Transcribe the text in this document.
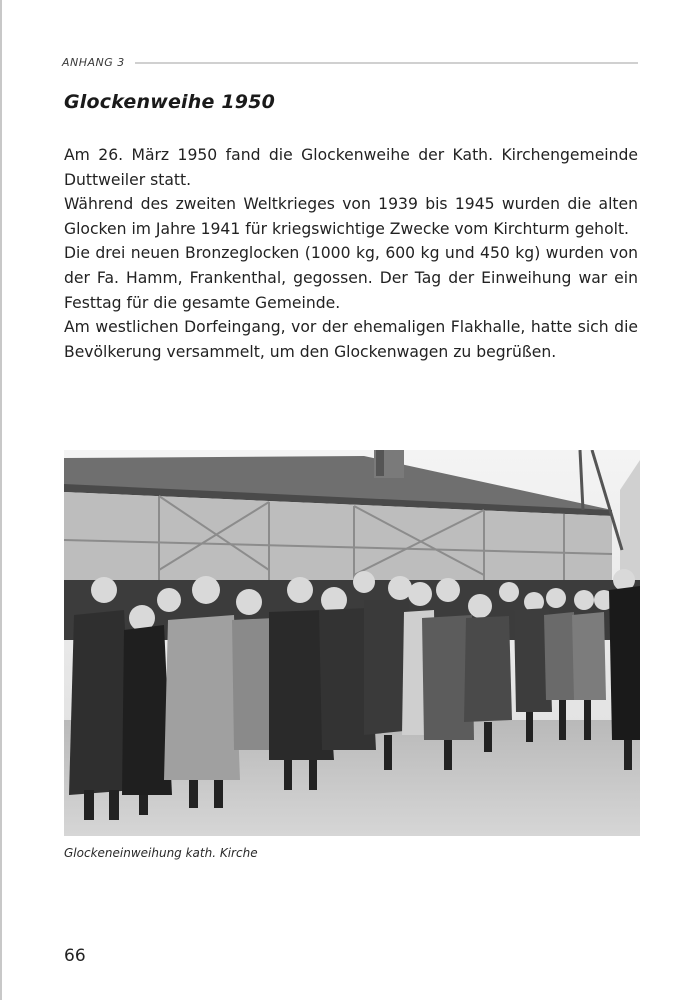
ANHANG 3
Glockenweihe 1950

Am 26. März 1950 fand die Glockenweihe der Kath. Kirchengemeinde Duttweiler statt.

Während des zweiten Weltkrieges von 1939 bis 1945 wurden die alten Glocken im Jahre 1941 für kriegswichtige Zwecke vom Kirchturm geholt.

Die drei neuen Bronzeglocken (1000 kg, 600 kg und 450 kg) wurden von der Fa. Hamm, Frankenthal, gegossen. Der Tag der Einweihung war ein Festtag für die gesamte Gemeinde.

Am westlichen Dorfeingang, vor der ehemaligen Flakhalle, hatte sich die Bevölkerung versammelt, um den Glockenwagen zu begrüßen.

Glockeneinweihung kath. Kirche
66
